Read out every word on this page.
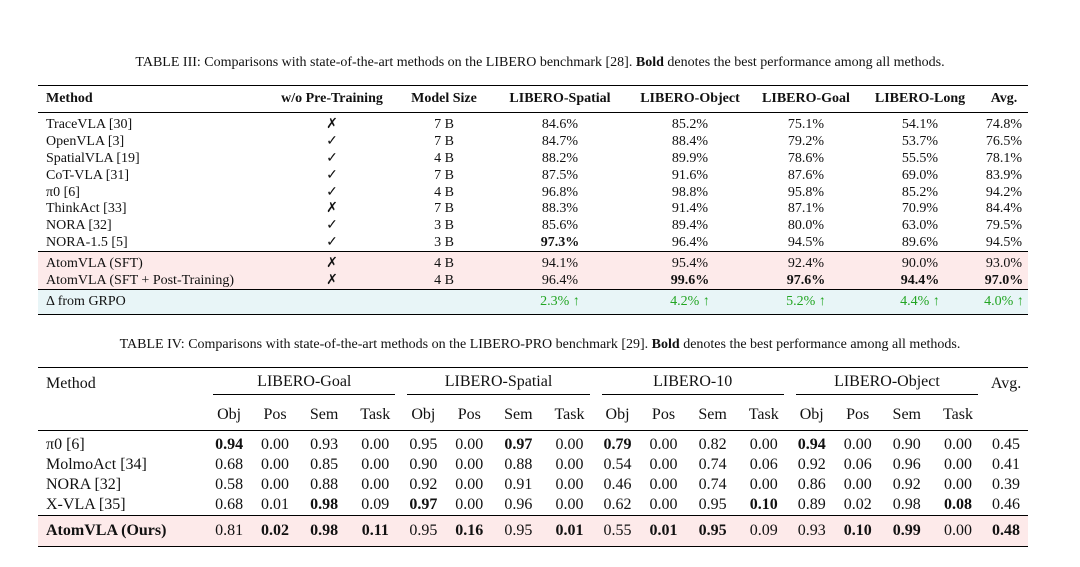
TABLE III: Comparisons with state-of-the-art methods on the LIBERO benchmark [28]. Bold denotes the best performance among all methods.
Method	w/o Pre-Training	Model Size	LIBERO-Spatial	LIBERO-Object	LIBERO-Goal	LIBERO-Long	Avg.
TraceVLA [30]	✗	7 B	84.6%	85.2%	75.1%	54.1%	74.8%
OpenVLA [3]	✓	7 B	84.7%	88.4%	79.2%	53.7%	76.5%
SpatialVLA [19]	✓	4 B	88.2%	89.9%	78.6%	55.5%	78.1%
CoT-VLA [31]	✓	7 B	87.5%	91.6%	87.6%	69.0%	83.9%
π0 [6]	✓	4 B	96.8%	98.8%	95.8%	85.2%	94.2%
ThinkAct [33]	✗	7 B	88.3%	91.4%	87.1%	70.9%	84.4%
NORA [32]	✓	3 B	85.6%	89.4%	80.0%	63.0%	79.5%
NORA-1.5 [5]	✓	3 B	97.3%	96.4%	94.5%	89.6%	94.5%
AtomVLA (SFT)	✗	4 B	94.1%	95.4%	92.4%	90.0%	93.0%
AtomVLA (SFT + Post-Training)	✗	4 B	96.4%	99.6%	97.6%	94.4%	97.0%
Δ from GRPO			2.3% ↑	4.2% ↑	5.2% ↑	4.4% ↑	4.0% ↑
TABLE IV: Comparisons with state-of-the-art methods on the LIBERO-PRO benchmark [29]. Bold denotes the best performance among all methods.
Method	LIBERO-Goal				LIBERO-Spatial				LIBERO-10				LIBERO-Object				Avg.
	Obj	Pos	Sem	Task	Obj	Pos	Sem	Task	Obj	Pos	Sem	Task	Obj	Pos	Sem	Task	
π0 [6]	0.94	0.00	0.93	0.00	0.95	0.00	0.97	0.00	0.79	0.00	0.82	0.00	0.94	0.00	0.90	0.00	0.45
MolmoAct [34]	0.68	0.00	0.85	0.00	0.90	0.00	0.88	0.00	0.54	0.00	0.74	0.06	0.92	0.06	0.96	0.00	0.41
NORA [32]	0.58	0.00	0.88	0.00	0.92	0.00	0.91	0.00	0.46	0.00	0.74	0.00	0.86	0.00	0.92	0.00	0.39
X-VLA [35]	0.68	0.01	0.98	0.09	0.97	0.00	0.96	0.00	0.62	0.00	0.95	0.10	0.89	0.02	0.98	0.08	0.46
AtomVLA (Ours)	0.81	0.02	0.98	0.11	0.95	0.16	0.95	0.01	0.55	0.01	0.95	0.09	0.93	0.10	0.99	0.00	0.48
